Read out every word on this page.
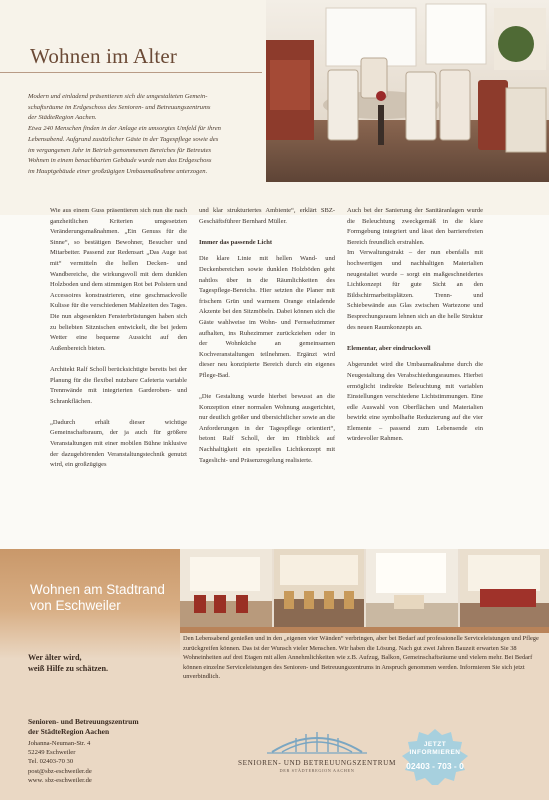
Wohnen im Alter

Modern und einladend präsentieren sich die umgestalteten Gemein-

schaftsräume im Erdgeschoss des Senioren- und Betreuungszentrums

der StädteRegion Aachen.

Etwa 240 Menschen finden in der Anlage ein umsorgtes Umfeld für ihren

Lebensabend. Aufgrund zusätzlicher Gäste in der Tagespflege sowie des

im vergangenen Jahr in Betrieb genommenen Bereiches für Betreutes

Wohnen in einem benachbarten Gebäude wurde nun das Erdgeschoss

im Hauptgebäude einer großzügigen Umbaumaßnahme unterzogen.

Wie aus einem Guss präsentieren sich nun die nach ganzheitlichen Kriterien umgesetzten Veränderungsmaßnahmen. „Ein Genuss für die Sinne“, so bestätigen Bewohner, Besucher und Mitarbeiter. Passend zur Redensart „Das Auge isst mit“ vermitteln die hellen Decken- und Wandbereiche, die wirkungsvoll mit dem dunklen Holzboden und dem stimmigen Rot bei Polstern und Accessoires konstrastrieren, eine geschmackvolle Kulisse für die verschiedenen Mahlzeiten des Tages. Die nun abgesenkten Fensterbrüstungen haben sich zu beliebten Sitznischen entwickelt, die bei jedem Wetter eine bequeme Aussicht auf den Außenbereich bieten.

Architekt Ralf Scholl berücksichtigte bereits bei der Planung für die flexibel nutzbare Cafeteria variable Trennwände mit integrierten Garderoben- und Schrankflächen.

„Dadurch erhält dieser wichtige Gemeinschaftsraum, der ja auch für größere Veranstaltungen mit einer mobilen Bühne inklusive der dazugehörenden Veranstaltungstechnik genutzt wird, ein großzügiges

und klar strukturiertes Ambiente“, erklärt SBZ-Geschäftsführer Bernhard Müller.

Immer das passende Licht

Die klare Linie mit hellen Wand- und Deckenbereichen sowie dunklen Holzböden geht nahtlos über in die Räumlichkeiten des Tagespflege-Bereichs. Hier setzten die Planer mit frischem Grün und warmem Orange einladende Akzente bei den Sitzmöbeln. Dabei können sich die Gäste wahlweise im Wohn- und Fernsehzimmer aufhalten, ins Ruhezimmer zurückziehen oder in der Wohnküche an gemeinsamen Kochveranstaltungen teilnehmen. Ergänzt wird dieser neu konzipierte Bereich durch ein eigenes Pflege-Bad.

„Die Gestaltung wurde hierbei bewusst an die Konzeption einer normalen Wohnung ausgerichtet, nur deutlich größer und übersichtlicher sowie an die Anforderungen in der Tagespflege orientiert“, betont Ralf Scholl, der im Hinblick auf Nachhaltigkeit ein spezielles Lichtkonzept mit Tageslicht- und Präsenzregelung realisierte.

Auch bei der Sanierung der Sanitäranlagen wurde die Beleuchtung zweckgemäß in die klare Formgebung integriert und lässt den barrierefreien Bereich freundlich erstrahlen.

Im Verwaltungstrakt – der nun ebenfalls mit hochwertigen und nachhaltigen Materialien neugestaltet wurde – sorgt ein maßgeschneidertes Lichtkonzept für gute Sicht an den Bildschirmarbeitsplätzen. Trenn- und Schiebewände aus Glas zwischen Wartezone und Besprechungsraum lehnen sich an die helle Struktur des neuen Raumkonzepts an.

Elementar, aber eindrucksvoll

Abgerundet wird die Umbaumaßnahme durch die Neugestaltung des Verabschiedungsraumes. Hierbei ermöglicht indirekte Beleuchtung mit variablen Einstellungen verschiedene Lichtstimmungen. Eine edle Auswahl von Oberflächen und Materialien bewirkt eine symbolhafte Reduzierung auf die vier Elemente – passend zum Lebensende ein würdevoller Rahmen.

Wohnen am Stadtrand
von Eschweiler
Den Lebensabend genießen und in den „eigenen vier Wänden“ verbringen, aber bei Bedarf auf professionelle Serviceleistungen und Pflege zurückgreifen können. Das ist der Wunsch vieler Menschen. Wir haben die Lösung. Nach gut zwei Jahren Bauzeit erwarten Sie 38 Wohneinheiten auf drei Etagen mit allen Annehmlichkeiten wie z.B. Aufzug, Balkon, Gemeinschaftsräume und vielem mehr. Bei Bedarf können einzelne Serviceleistungen des Senioren- und Betreuungszentrums in Anspruch genommen werden. Informieren Sie sich jetzt unverbindlich.
Wer älter wird,
weiß Hilfe zu schätzen.
Senioren- und Betreuungszentrum
der StädteRegion Aachen
Johanna-Neuman-Str. 4
52249 Eschweiler
Tel. 02403-70 30
post@sbz-eschweiler.de
www. sbz-eschweiler.de
SENIOREN- UND BETREUUNGSZENTRUM
DER STÄDTEREGION AACHEN
JETZT
INFORMIEREN
02403 - 703 - 0
